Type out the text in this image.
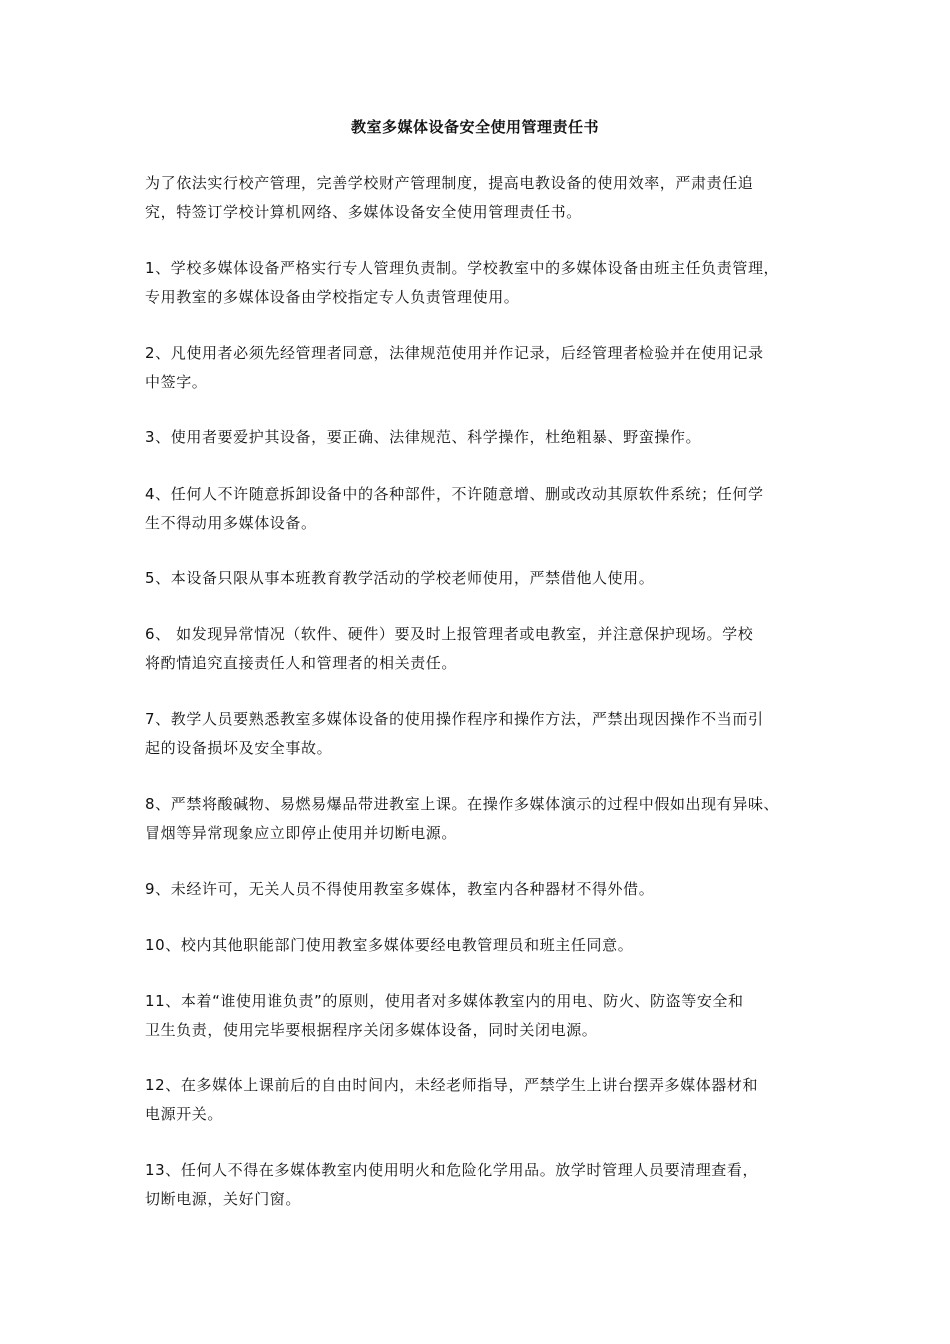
教室多媒体设备安全使用管理责任书
为了依法实行校产管理，完善学校财产管理制度，提高电教设备的使用效率，严肃责任追
究，特签订学校计算机网络、多媒体设备安全使用管理责任书。
1、学校多媒体设备严格实行专人管理负责制。学校教室中的多媒体设备由班主任负责管理，
专用教室的多媒体设备由学校指定专人负责管理使用。
2、凡使用者必须先经管理者同意，法律规范使用并作记录，后经管理者检验并在使用记录
中签字。
3、使用者要爱护其设备，要正确、法律规范、科学操作，杜绝粗暴、野蛮操作。
4、任何人不许随意拆卸设备中的各种部件，不许随意增、删或改动其原软件系统；任何学
生不得动用多媒体设备。
5、本设备只限从事本班教育教学活动的学校老师使用，严禁借他人使用。
6、 如发现异常情况（软件、硬件）要及时上报管理者或电教室，并注意保护现场。学校
将酌情追究直接责任人和管理者的相关责任。
7、教学人员要熟悉教室多媒体设备的使用操作程序和操作方法，严禁出现因操作不当而引
起的设备损坏及安全事故。
8、严禁将酸碱物、易燃易爆品带进教室上课。在操作多媒体演示的过程中假如出现有异味、
冒烟等异常现象应立即停止使用并切断电源。
9、未经许可，无关人员不得使用教室多媒体，教室内各种器材不得外借。
10、校内其他职能部门使用教室多媒体要经电教管理员和班主任同意。
11、本着“谁使用谁负责”的原则，使用者对多媒体教室内的用电、防火、防盗等安全和
卫生负责，使用完毕要根据程序关闭多媒体设备，同时关闭电源。
12、在多媒体上课前后的自由时间内，未经老师指导，严禁学生上讲台摆弄多媒体器材和
电源开关。
13、任何人不得在多媒体教室内使用明火和危险化学用品。放学时管理人员要清理查看，
切断电源，关好门窗。
